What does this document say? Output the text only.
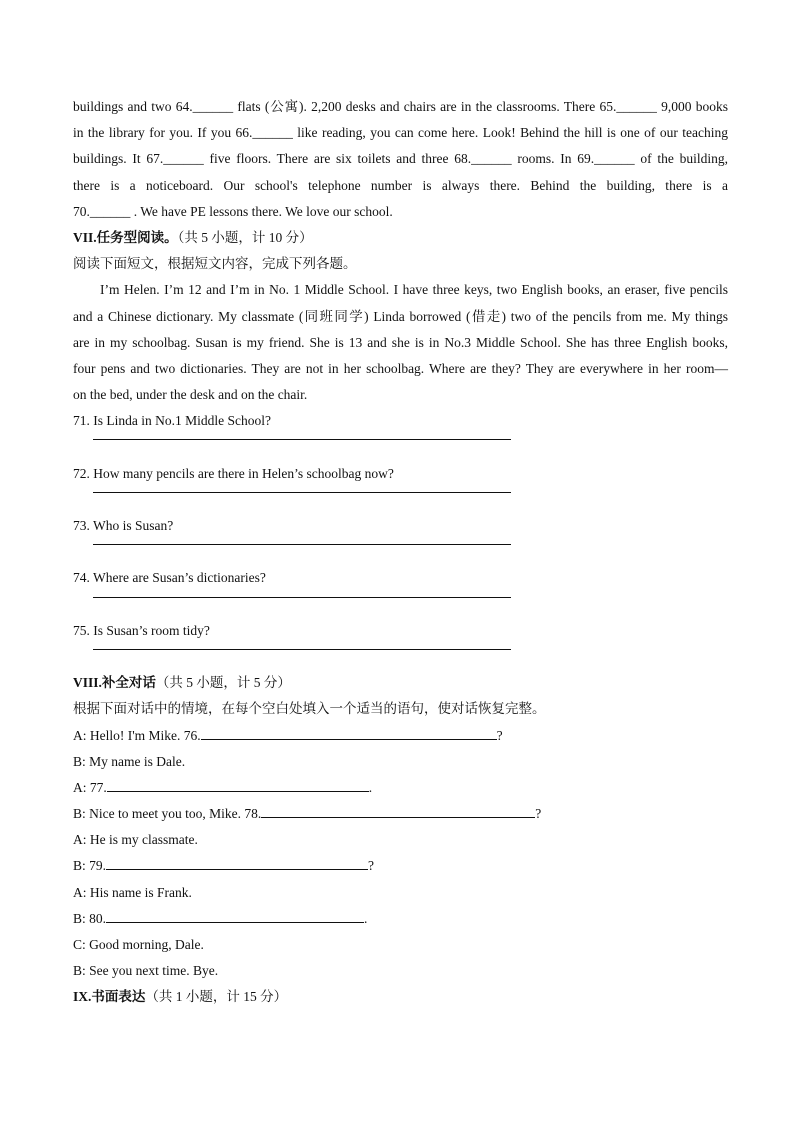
buildings and two 64.______ flats (公寓). 2,200 desks and chairs are in the classrooms. There 65.______ 9,000 books
in the library for you. If you 66.______ like reading, you can come here. Look! Behind the hill is one of our teaching
buildings. It 67.______ five floors. There are six toilets and three 68.______ rooms. In 69.______ of the building,
there is a noticeboard. Our school's telephone number is always there. Behind the building, there is a
70.______ . We have PE lessons there. We love our school.
VII.任务型阅读。（共 5 小题，计 10 分）
阅读下面短文，根据短文内容，完成下列各题。
I’m Helen. I’m 12 and I’m in No. 1 Middle School. I have three keys, two English books, an eraser, five pencils
and a Chinese dictionary. My classmate (同班同学) Linda borrowed (借走) two of the pencils from me. My things
are in my schoolbag. Susan is my friend. She is 13 and she is in No.3 Middle School. She has three English books,
four pens and two dictionaries. They are not in her schoolbag. Where are they? They are everywhere in her room—
on the bed, under the desk and on the chair.
71. Is Linda in No.1 Middle School?
72. How many pencils are there in Helen’s schoolbag now?
73. Who is Susan?
74. Where are Susan’s dictionaries?
75. Is Susan’s room tidy?
VIII.补全对话（共 5 小题，计 5 分）
根据下面对话中的情境，在每个空白处填入一个适当的语句，使对话恢复完整。
A: Hello! I'm Mike. 76.	?
B: My name is Dale.
A: 77.	.
B: Nice to meet you too, Mike. 78.	?
A: He is my classmate.
B: 79.	?
A: His name is Frank.
B: 80.	.
C: Good morning, Dale.
B: See you next time. Bye.
IX.书面表达（共 1 小题，计 15 分）
